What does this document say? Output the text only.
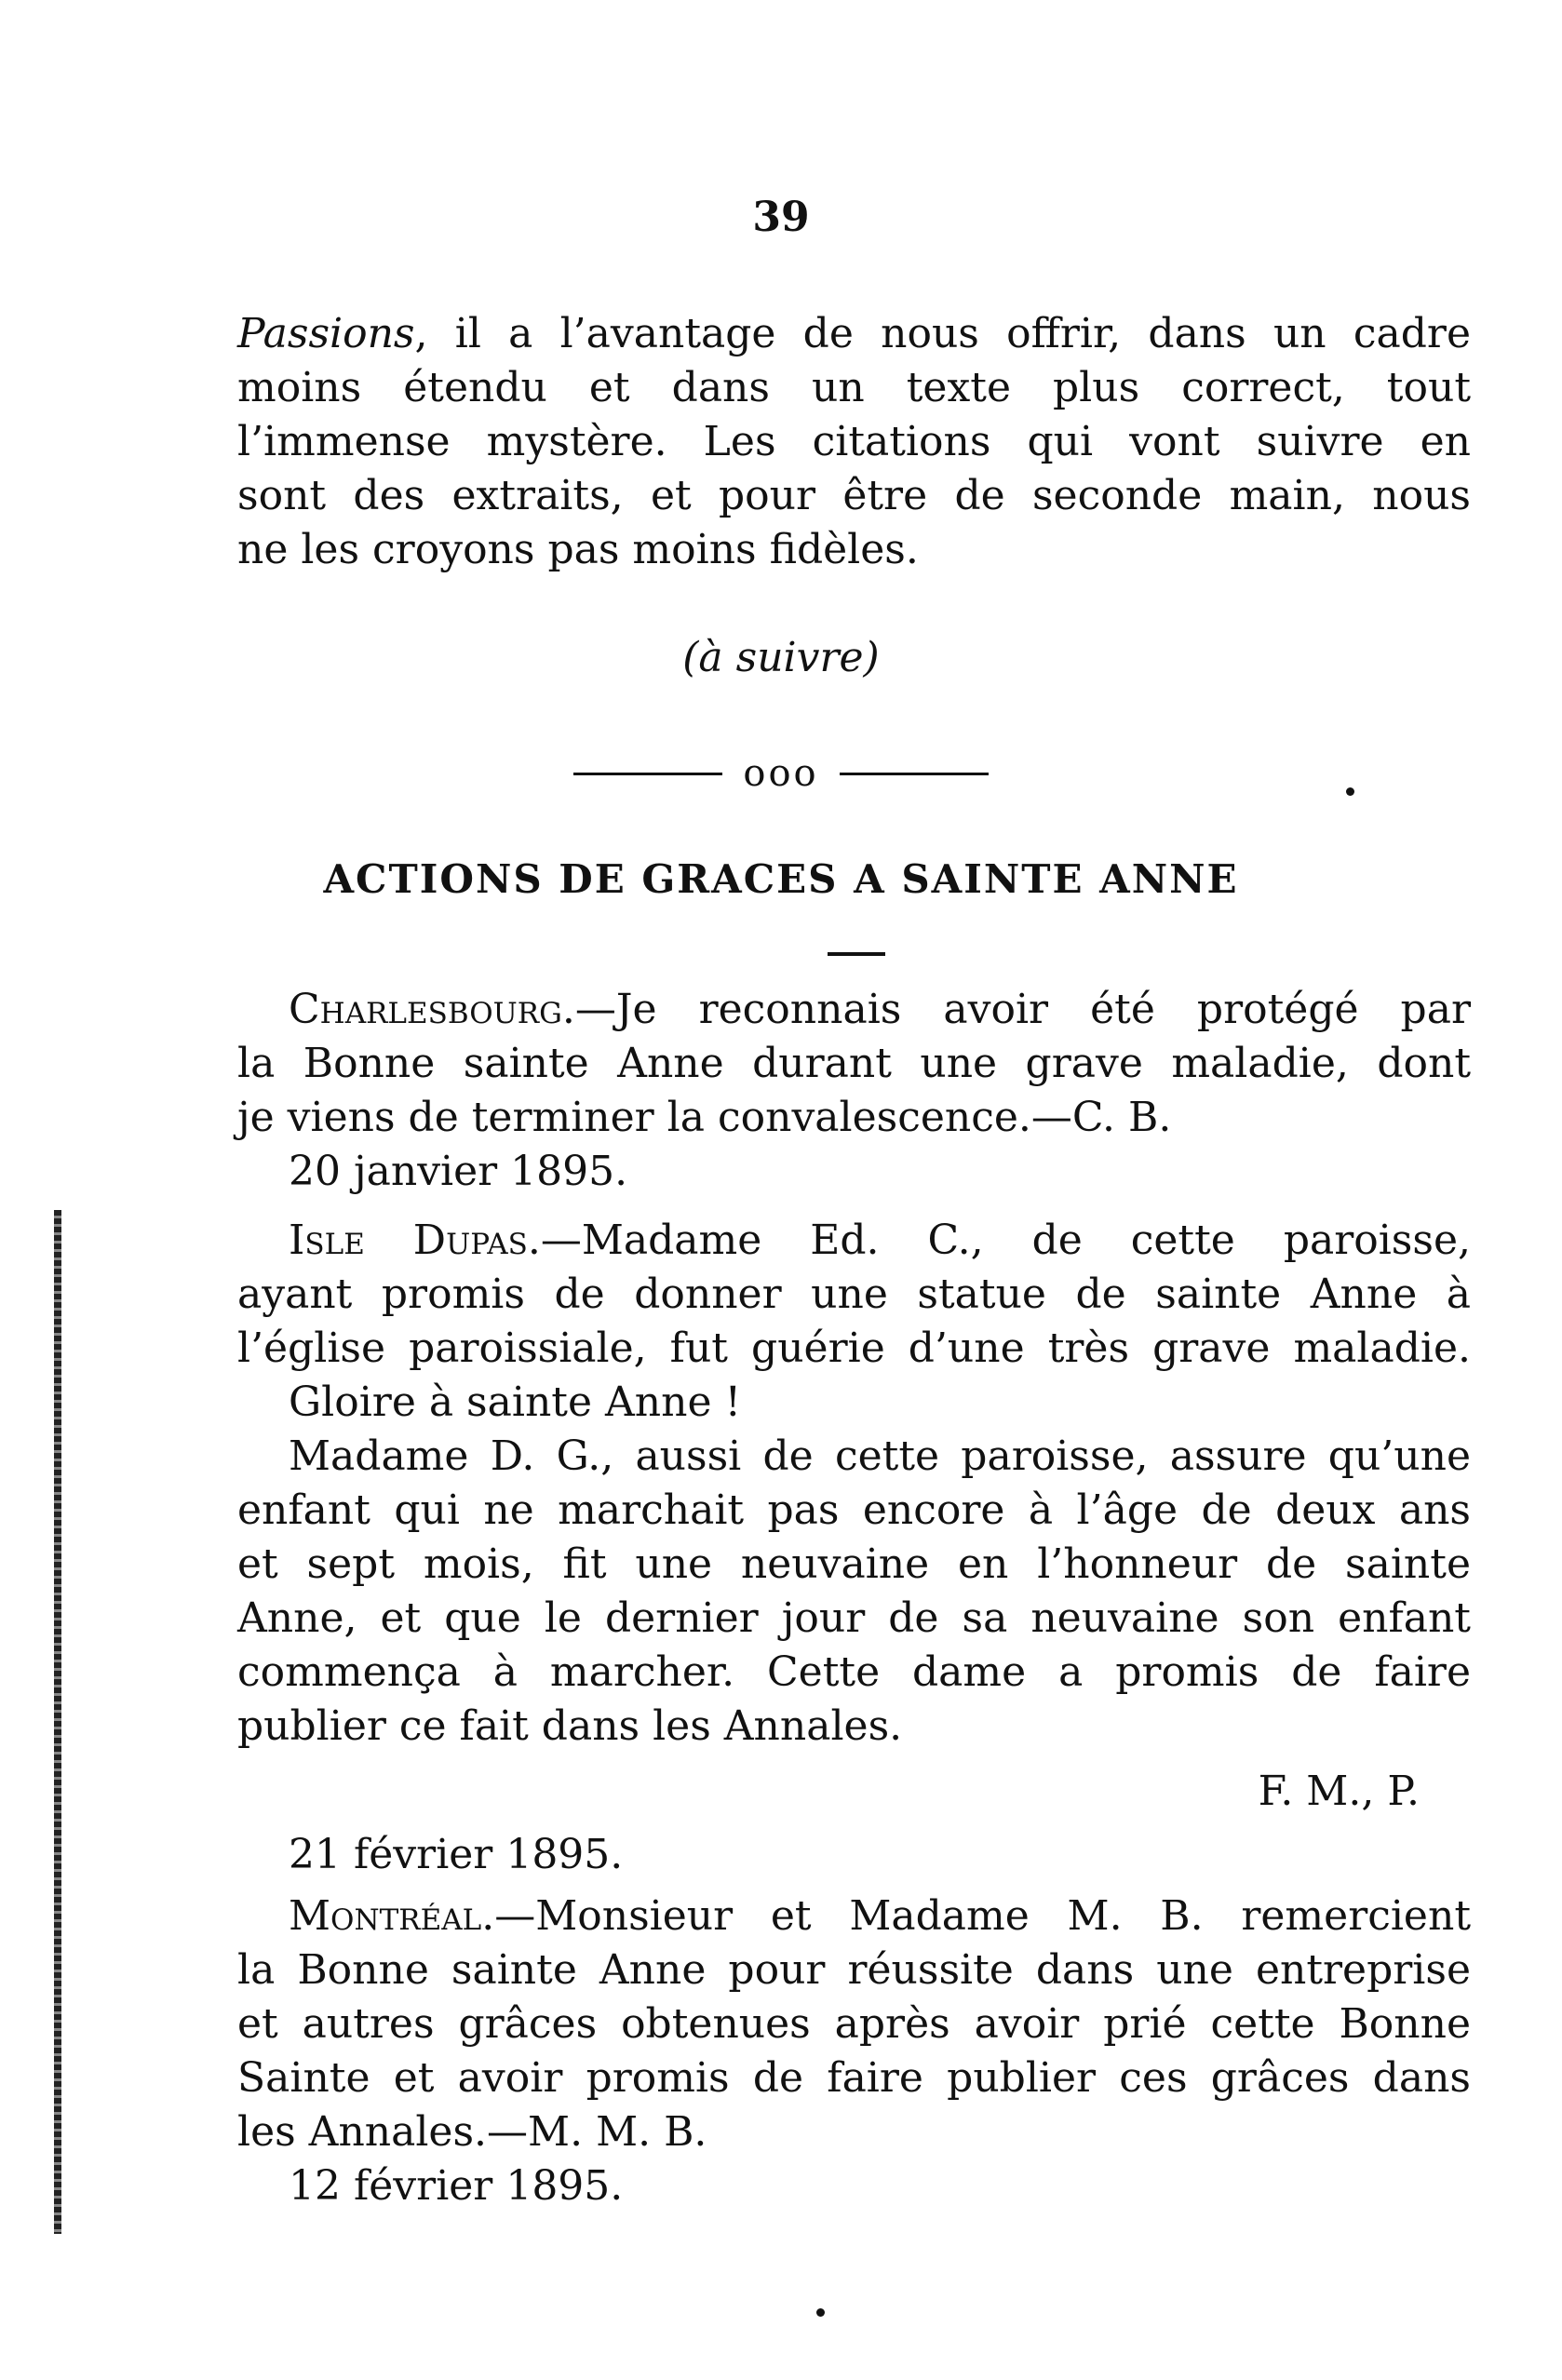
39

Passions, il a l’avantage de nous offrir, dans un cadre

moins étendu et dans un texte plus correct, tout

l’immense mystère. Les citations qui vont suivre en

sont des extraits, et pour être de seconde main, nous

ne les croyons pas moins fidèles.

(à suivre)

ooo
ACTIONS DE GRACES A SAINTE ANNE

Charlesbourg.—Je reconnais avoir été protégé par

la Bonne sainte Anne durant une grave maladie, dont

je viens de terminer la convalescence.—C. B.

20 janvier 1895.

Isle Dupas.—Madame Ed. C., de cette paroisse,

ayant promis de donner une statue de sainte Anne à

l’église paroissiale, fut guérie d’une très grave maladie.

Gloire à sainte Anne !

Madame D. G., aussi de cette paroisse, assure qu’une

enfant qui ne marchait pas encore à l’âge de deux ans

et sept mois, fit une neuvaine en l’honneur de sainte

Anne, et que le dernier jour de sa neuvaine son enfant

commença à marcher. Cette dame a promis de faire

publier ce fait dans les Annales.

F. M., P.

21 février 1895.

Montréal.—Monsieur et Madame M. B. remercient

la Bonne sainte Anne pour réussite dans une entreprise

et autres grâces obtenues après avoir prié cette Bonne

Sainte et avoir promis de faire publier ces grâces dans

les Annales.—M. M. B.

12 février 1895.
